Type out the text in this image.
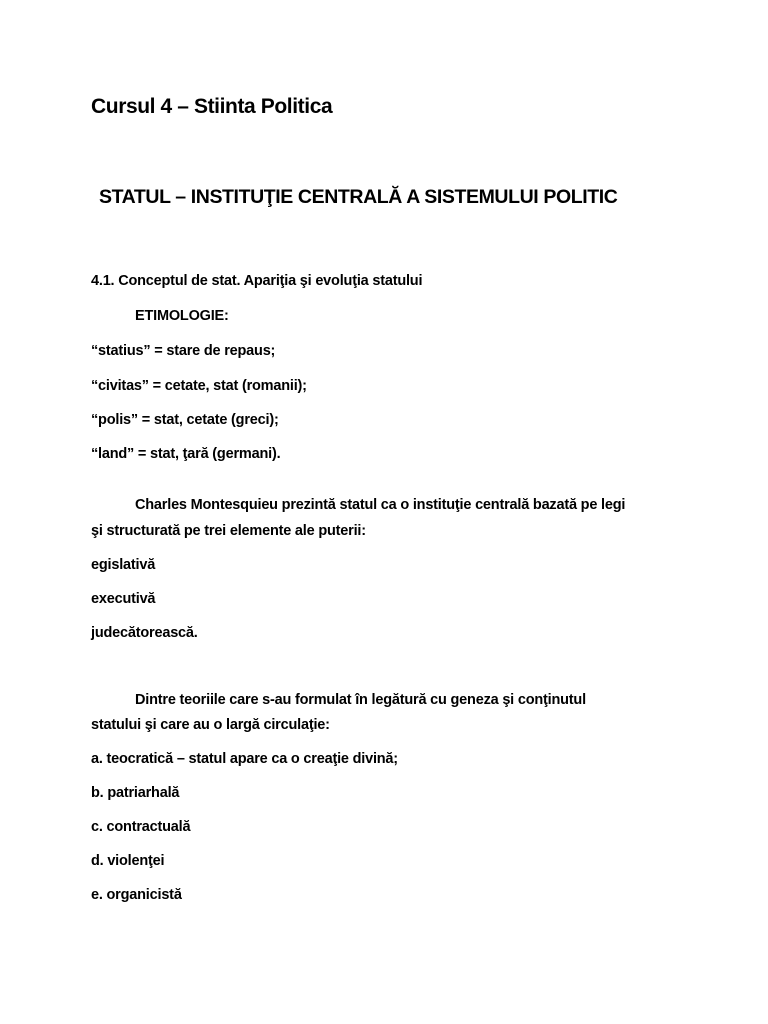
Cursul 4 – Stiinta Politica
STATUL – INSTITUŢIE CENTRALĂ A SISTEMULUI POLITIC
4.1. Conceptul de stat. Apariţia şi evoluţia statului
ETIMOLOGIE:
“statius” = stare de repaus;
“civitas” = cetate, stat (romanii);
“polis” = stat, cetate (greci);
“land” = stat, ţară (germani).
Charles Montesquieu prezintă statul ca o instituţie centrală bazată pe legi
şi structurată pe trei elemente ale puterii:
egislativă
executivă
judecătorească.
Dintre teoriile care s-au formulat în legătură cu geneza şi conţinutul
statului şi care au o largă circulaţie:
a. teocratică – statul apare ca o creaţie divină;
b. patriarhală
c. contractuală
d. violenţei
e. organicistă
